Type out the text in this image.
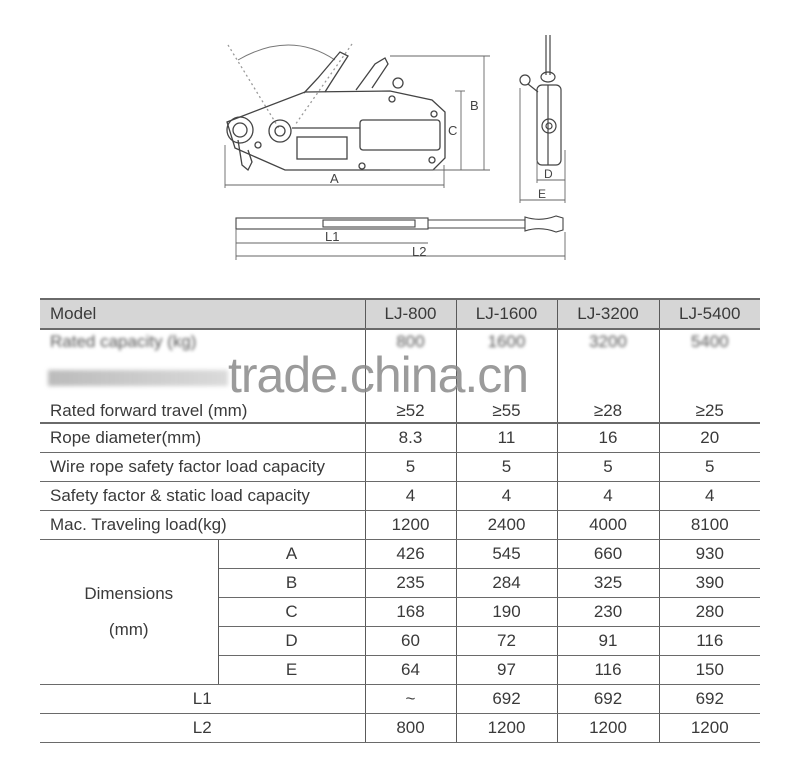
A
B
C
D
E
L1
L2
Model		LJ-800	LJ-1600	LJ-3200	LJ-5400
Rated capacity (kg)		800	1600	3200	5400

Rated forward travel (mm)		≥52	≥55	≥28	≥25
Rope diameter(mm)		8.3	11	16	20
Wire rope safety factor load capacity		5	5	5	5
Safety factor & static load capacity		4	4	4	4
Mac. Traveling load(kg)		1200	2400	4000	8100

Dimensions
(mm)	A	426	545	660	930
	B	235	284	325	390
	C	168	190	230	280
	D	60	72	91	116
	E	64	97	116	150
L1		~	692	692	692
L2		800	1200	1200	1200
trade.china.cn
